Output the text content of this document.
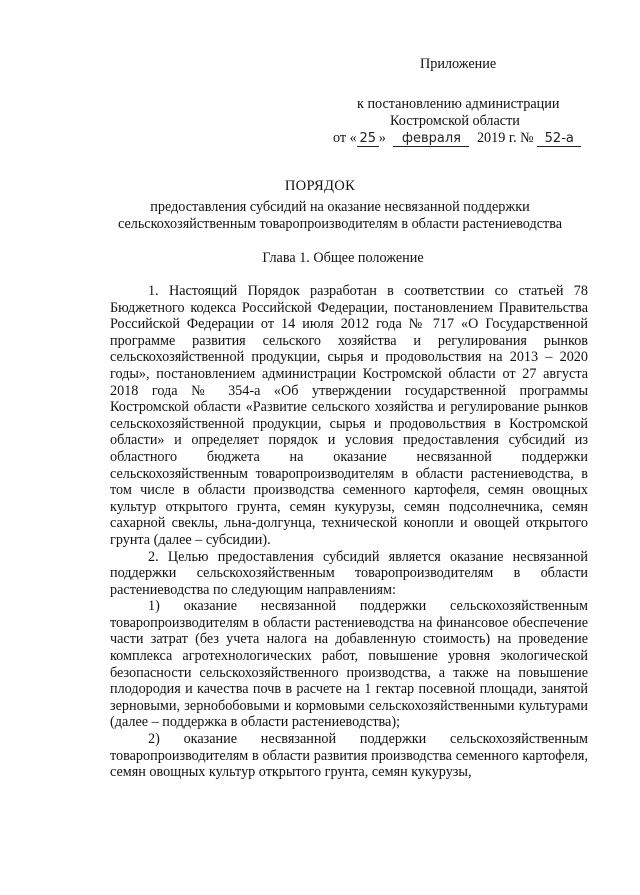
Приложение
к постановлению администрации
Костромской области
от « 25 » февраля 2019 г. № 52-а
ПОРЯДОК
предоставления субсидий на оказание несвязанной поддержки сельскохозяйственным товаропроизводителям в области растениеводства
Глава 1. Общее положение

1. Настоящий Порядок разработан в соответствии со статьей 78 Бюджетного кодекса Российской Федерации, постановлением Правительства Российской Федерации от 14 июля 2012 года № 717 «О Государственной программе развития сельского хозяйства и регулирования рынков сельскохозяйственной продукции, сырья и продовольствия на 2013 – 2020 годы», постановлением администрации Костромской области от 27 августа 2018 года № 354-а «Об утверждении государственной программы Костромской области «Развитие сельского хозяйства и регулирование рынков сельскохозяйственной продукции, сырья и продовольствия в Костромской области» и определяет порядок и условия предоставления субсидий из областного бюджета на оказание несвязанной поддержки сельскохозяйственным товаропроизводителям в области растениеводства, в том числе в области производства семенного картофеля, семян овощных культур открытого грунта, семян кукурузы, семян подсолнечника, семян сахарной свеклы, льна-долгунца, технической конопли и овощей открытого грунта (далее – субсидии).

2. Целью предоставления субсидий является оказание несвязанной поддержки сельскохозяйственным товаропроизводителям в области растениеводства по следующим направлениям:

1) оказание несвязанной поддержки сельскохозяйственным товаропроизводителям в области растениеводства на финансовое обеспечение части затрат (без учета налога на добавленную стоимость) на проведение комплекса агротехнологических работ, повышение уровня экологической безопасности сельскохозяйственного производства, а также на повышение плодородия и качества почв в расчете на 1 гектар посевной площади, занятой зерновыми, зернобобовыми и кормовыми сельскохозяйственными культурами (далее – поддержка в области растениеводства);

2) оказание несвязанной поддержки сельскохозяйственным товаропроизводителям в области развития производства семенного картофеля, семян овощных культур открытого грунта, семян кукурузы,
